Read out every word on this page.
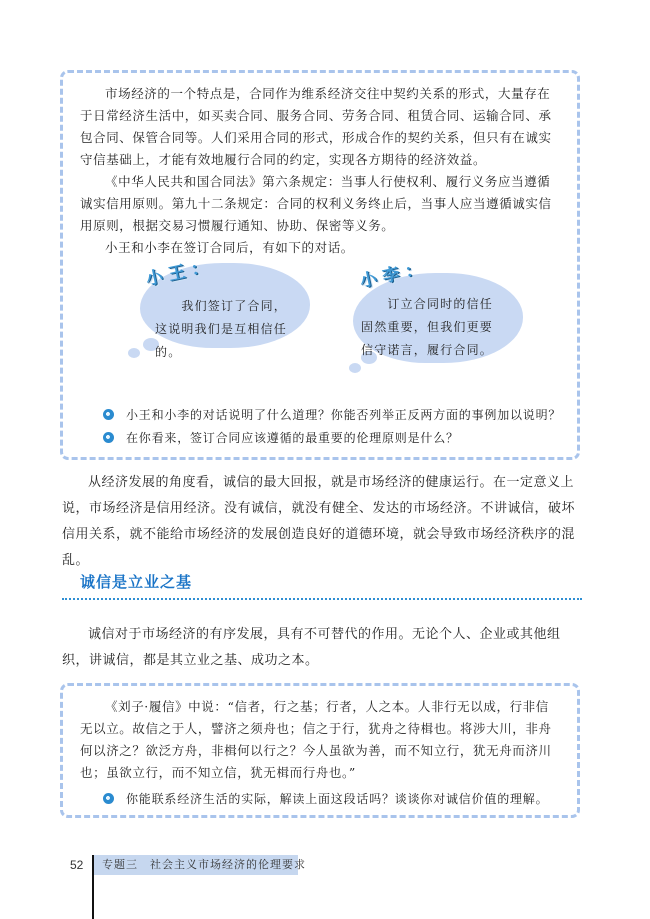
市场经济的一个特点是，合同作为维系经济交往中契约关系的形式，大量存在于日常经济生活中，如买卖合同、服务合同、劳务合同、租赁合同、运输合同、承包合同、保管合同等。人们采用合同的形式，形成合作的契约关系，但只有在诚实守信基础上，才能有效地履行合同的约定，实现各方期待的经济效益。

《中华人民共和国合同法》第六条规定：当事人行使权利、履行义务应当遵循诚实信用原则。第九十二条规定：合同的权利义务终止后，当事人应当遵循诚实信用原则，根据交易习惯履行通知、协助、保密等义务。

小王和小李在签订合同后，有如下的对话。

小王：
我们签订了合同，这说明我们是互相信任的。
小李：
订立合同时的信任固然重要，但我们更要信守诺言，履行合同。
小王和小李的对话说明了什么道理？你能否列举正反两方面的事例加以说明？
在你看来，签订合同应该遵循的最重要的伦理原则是什么？
从经济发展的角度看，诚信的最大回报，就是市场经济的健康运行。在一定意义上说，市场经济是信用经济。没有诚信，就没有健全、发达的市场经济。不讲诚信，破坏信用关系，就不能给市场经济的发展创造良好的道德环境，就会导致市场经济秩序的混乱。
诚信是立业之基
诚信对于市场经济的有序发展，具有不可替代的作用。无论个人、企业或其他组织，讲诚信，都是其立业之基、成功之本。

《刘子·履信》中说：“信者，行之基；行者，人之本。人非行无以成，行非信无以立。故信之于人，譬济之须舟也；信之于行，犹舟之待楫也。将涉大川，非舟何以济之？欲泛方舟，非楫何以行之？今人虽欲为善，而不知立行，犹无舟而济川也；虽欲立行，而不知立信，犹无楫而行舟也。”

你能联系经济生活的实际，解读上面这段话吗？谈谈你对诚信价值的理解。
52	专题三　社会主义市场经济的伦理要求
